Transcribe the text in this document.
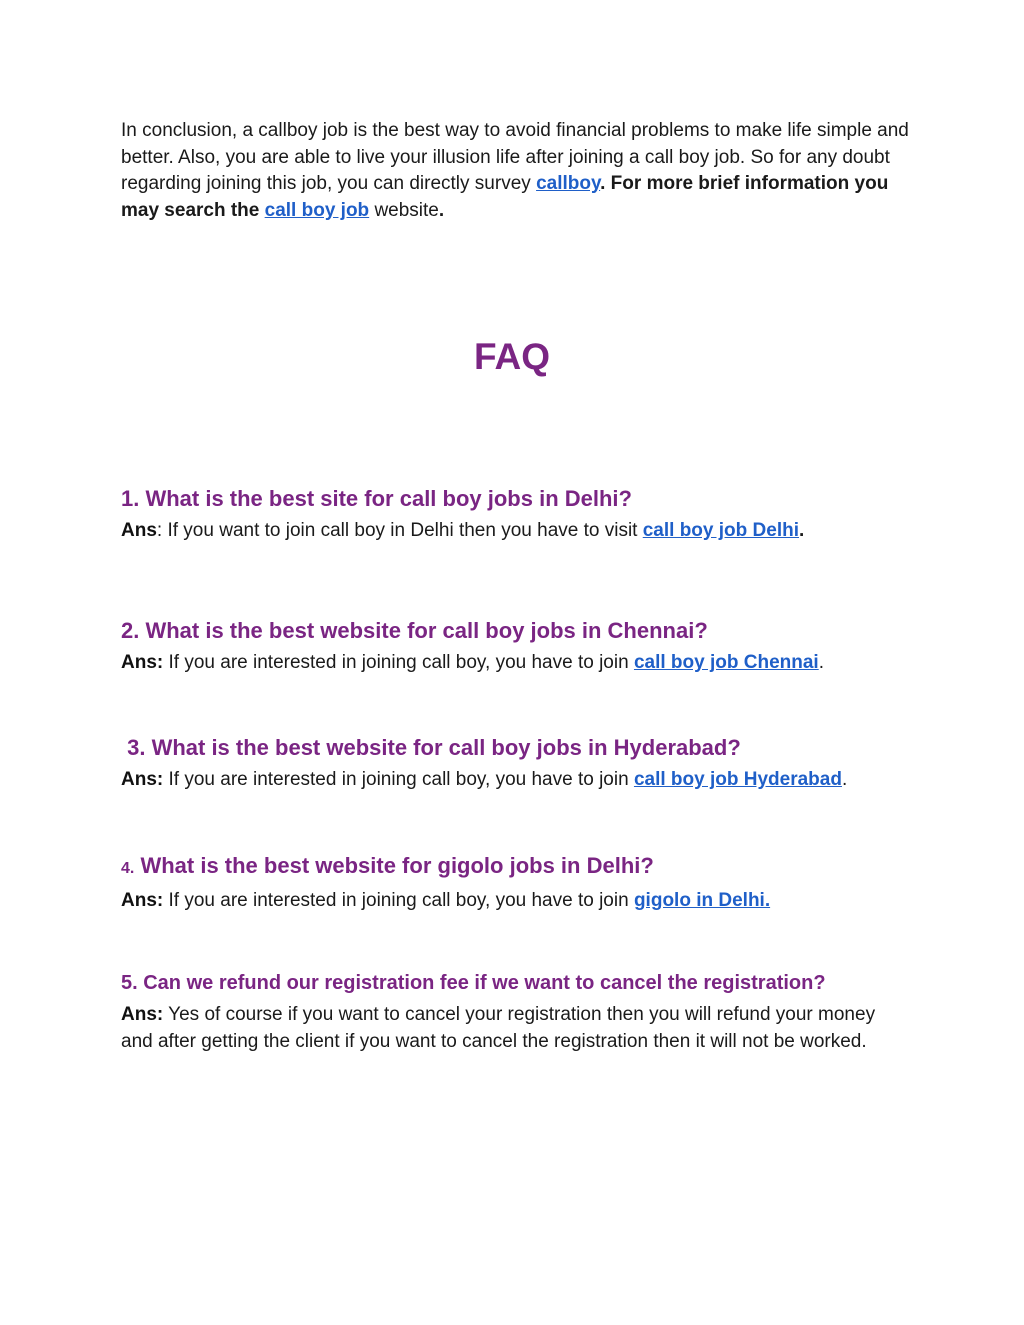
In conclusion, a callboy job is the best way to avoid financial problems to make life simple and better. Also, you are able to live your illusion life after joining a call boy job. So for any doubt regarding joining this job, you can directly survey callboy. For more brief information you may search the call boy job website.

FAQ
1. What is the best site for call boy jobs in Delhi?

Ans: If you want to join call boy in Delhi then you have to visit call boy job Delhi.

2. What is the best website for call boy jobs in Chennai?

Ans: If you are interested in joining call boy, you have to join call boy job Chennai.

3. What is the best website for call boy jobs in Hyderabad?

Ans: If you are interested in joining call boy, you have to join call boy job Hyderabad.

4. What is the best website for gigolo jobs in Delhi?

Ans: If you are interested in joining call boy, you have to join gigolo in Delhi.

5. Can we refund our registration fee if we want to cancel the registration?

Ans: Yes of course if you want to cancel your registration then you will refund your money and after getting the client if you want to cancel the registration then it will not be worked.
